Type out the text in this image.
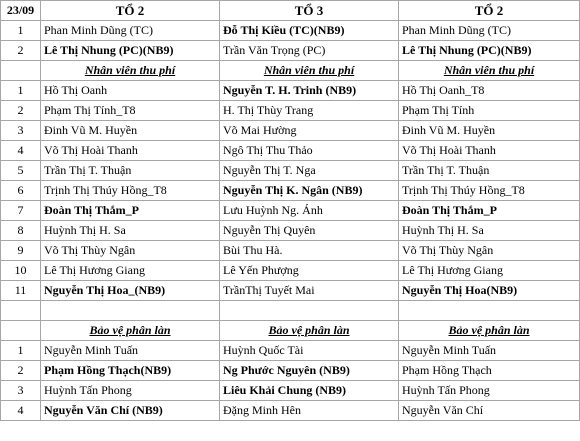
23/09	TỔ 2	TỔ 3	TỔ 2
1	Phan Minh Dũng (TC)	Đỗ Thị Kiều (TC)(NB9)	Phan Minh Dũng (TC)
2	Lê Thị Nhung (PC)(NB9)	Trần Văn Trọng (PC)	Lê Thị Nhung (PC)(NB9)
	Nhân viên thu phí	Nhân viên thu phí	Nhân viên thu phí
1	Hồ Thị Oanh	Nguyễn T. H. Trinh (NB9)	Hồ Thị Oanh_T8
2	Phạm Thị Tính_T8	H. Thị Thùy Trang	Phạm Thị Tính
3	Đinh Vũ M. Huyền	Võ Mai Hường	Đinh Vũ M. Huyền
4	Võ Thị Hoài Thanh	Ngô Thị Thu Thảo	Võ Thị Hoài Thanh
5	Trần Thị T. Thuận	Nguyễn Thị T. Nga	Trần Thị T. Thuận
6	Trịnh Thị Thúy Hồng_T8	Nguyễn Thị K. Ngân (NB9)	Trịnh Thị Thúy Hồng_T8
7	Đoàn Thị Thắm_P	Lưu Huỳnh Ng. Ánh	Đoàn Thị Thắm_P
8	Huỳnh Thị H. Sa	Nguyễn Thị Quyên	Huỳnh Thị H. Sa
9	Võ Thị Thùy Ngân	Bùi Thu Hà.	Võ Thị Thùy Ngân
10	Lê Thị Hương Giang	Lê Yến Phượng	Lê Thị Hương Giang
11	Nguyễn Thị Hoa_(NB9)	TrầnThị Tuyết Mai	Nguyễn Thị Hoa(NB9)

	Bảo vệ phân làn	Bảo vệ phân làn	Bảo vệ phân làn
1	Nguyễn Minh Tuấn	Huỳnh Quốc Tài	Nguyễn Minh Tuấn
2	Phạm Hồng Thạch(NB9)	Ng Phước Nguyên (NB9)	Phạm Hồng Thạch
3	Huỳnh Tấn Phong	Liêu Khải Chung (NB9)	Huỳnh Tấn Phong
4	Nguyễn Văn Chí (NB9)	Đặng Minh Hên	Nguyễn Văn Chí
